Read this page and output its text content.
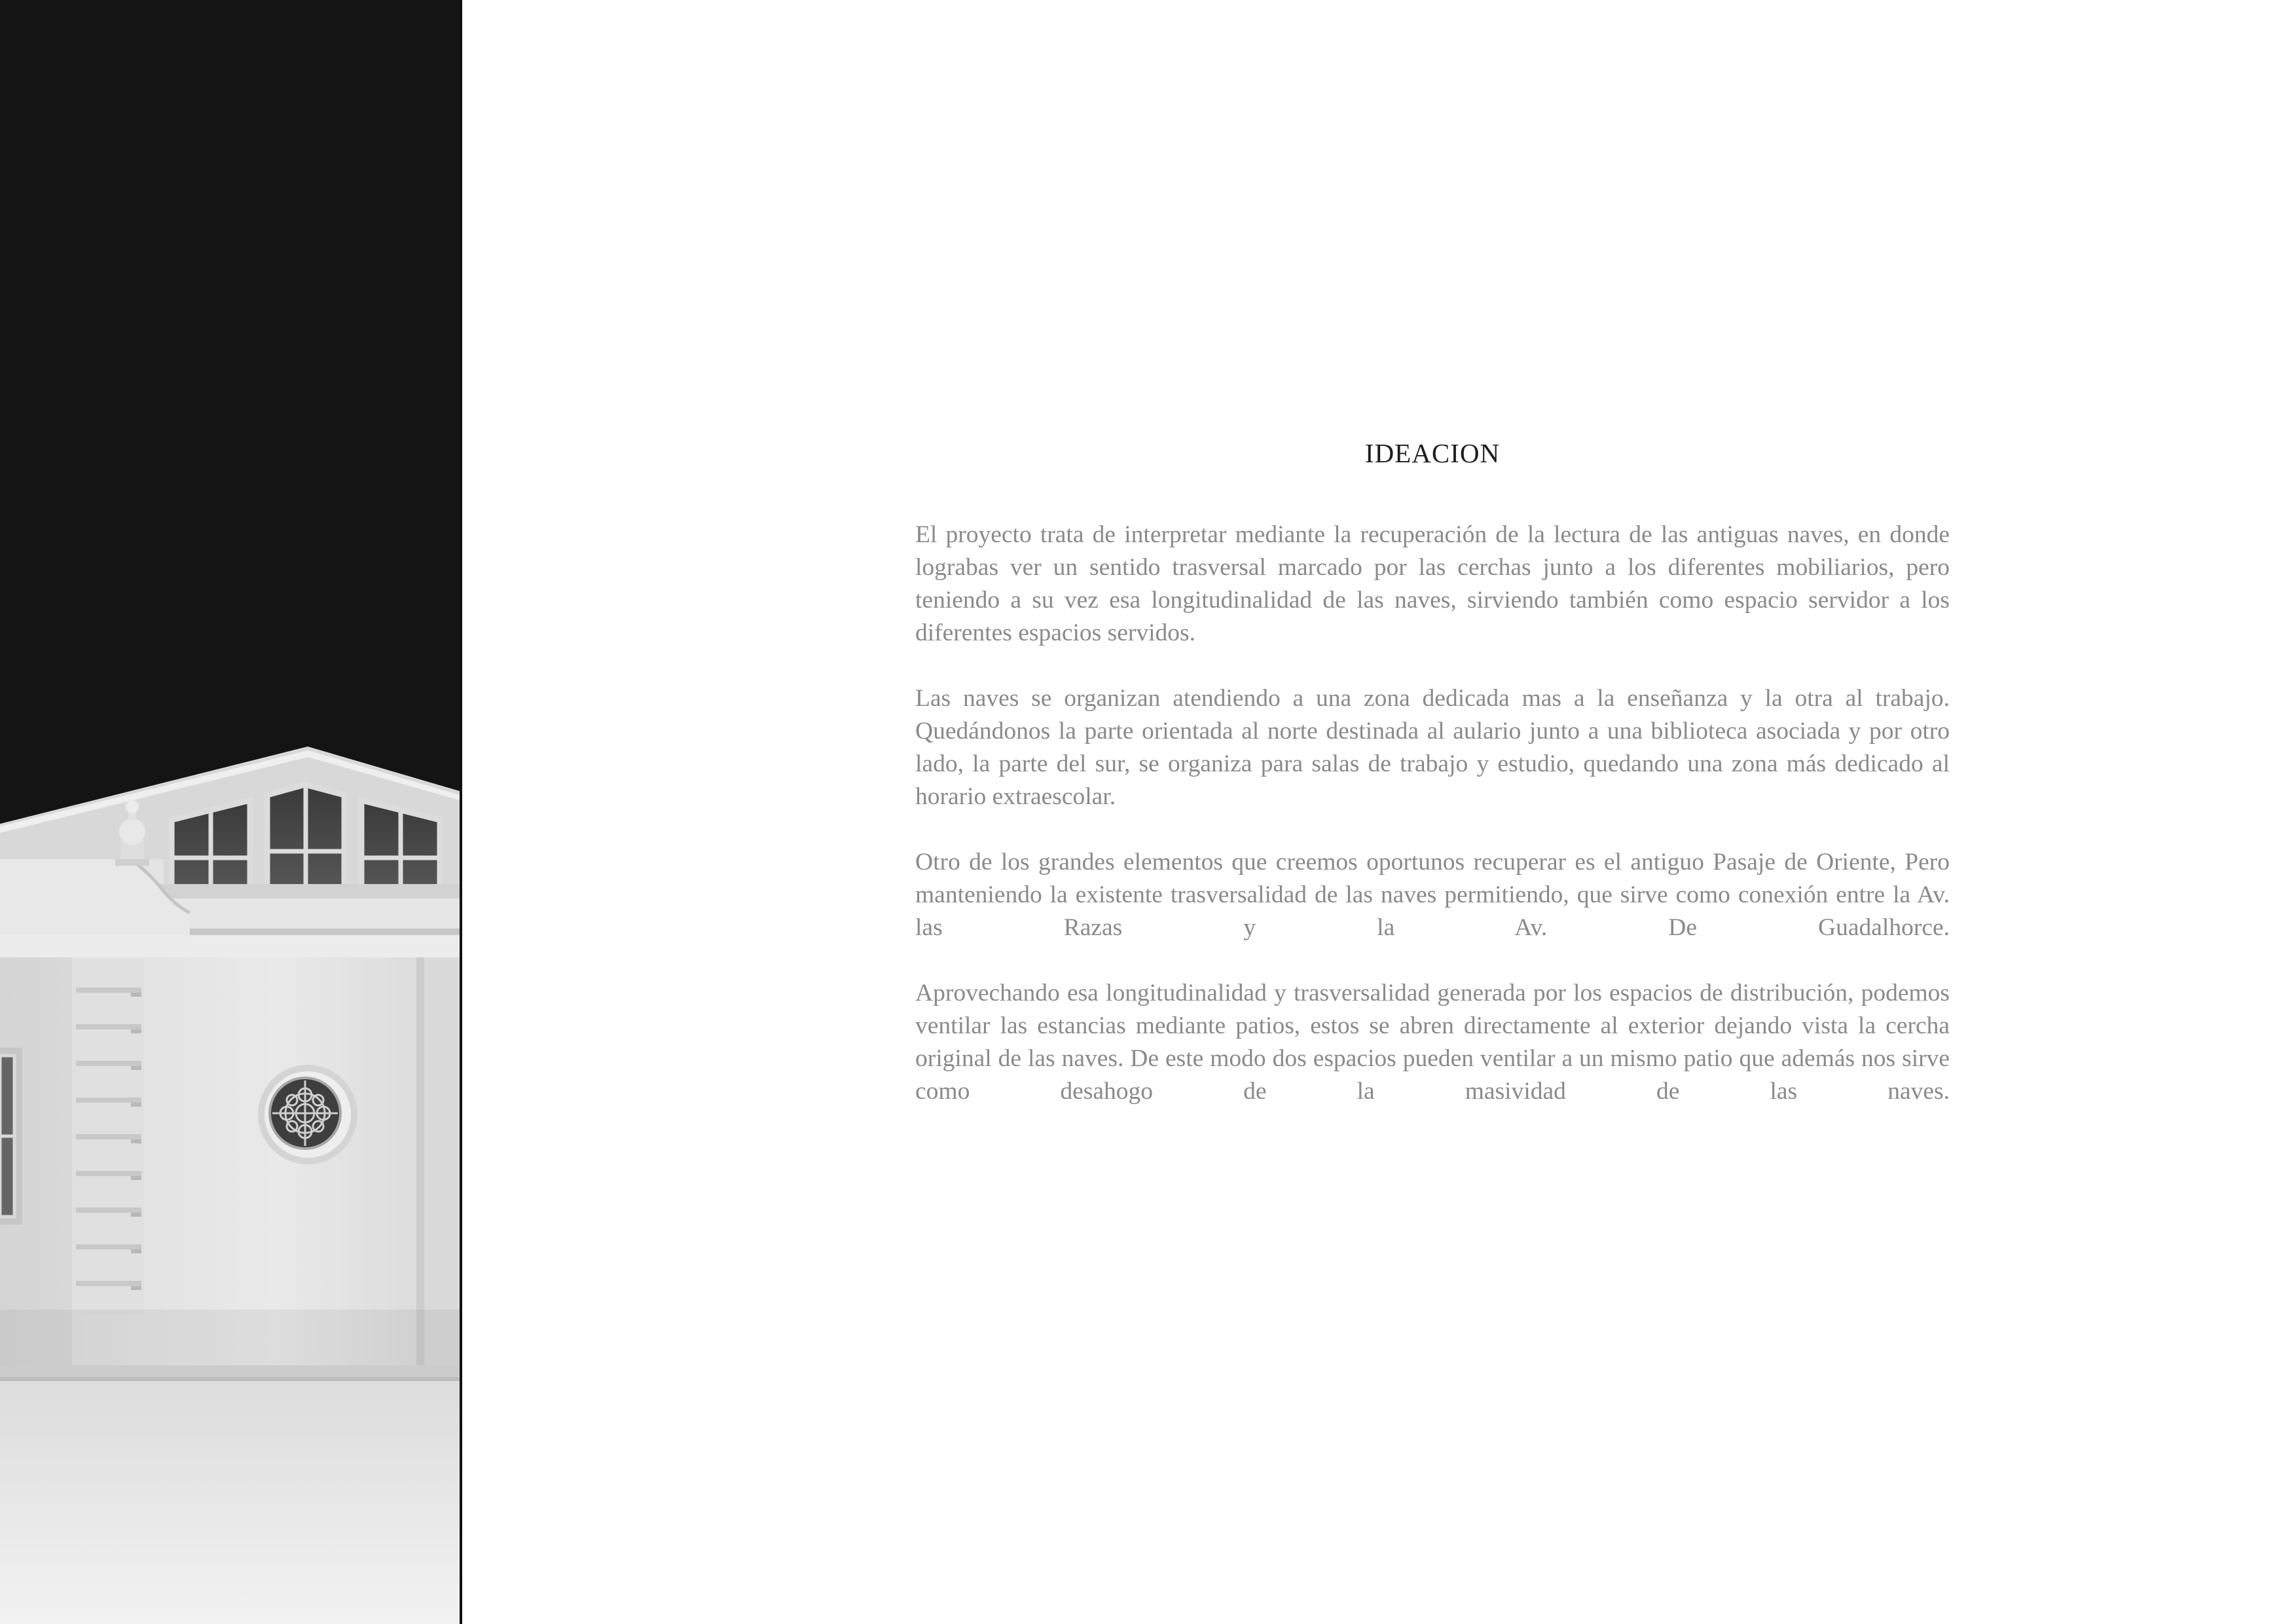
IDEACION

El proyecto trata de interpretar mediante la recuperación de la lectura de las antiguas naves, en donde lograbas ver un sentido trasversal marcado por las cerchas junto a los diferentes mobiliarios, pero teniendo a su vez esa longitudinalidad de las naves, sirviendo también como espacio servidor a los diferentes espacios servidos.

Las naves se organizan atendiendo a una zona dedicada mas a la enseñanza y la otra al trabajo. Quedándonos la parte orientada al norte destinada al aulario junto a una biblioteca asociada y por otro lado, la parte del sur, se organiza para salas de trabajo y estudio, quedando una zona más dedicado al horario extraescolar.

Otro de los grandes elementos que creemos oportunos recuperar es el antiguo Pasaje de Oriente, Pero manteniendo la existente trasversalidad de las naves permitiendo, que sirve como conexión entre la Av. las Razas y la Av. De Guadalhorce.

Aprovechando esa longitudinalidad y trasversalidad generada por los espacios de distribución, podemos ventilar las estancias mediante patios, estos se abren directamente al exterior dejando vista la cercha original de las naves. De este modo dos espacios pueden ventilar a un mismo patio que además nos sirve como desahogo de la masividad de las naves.
